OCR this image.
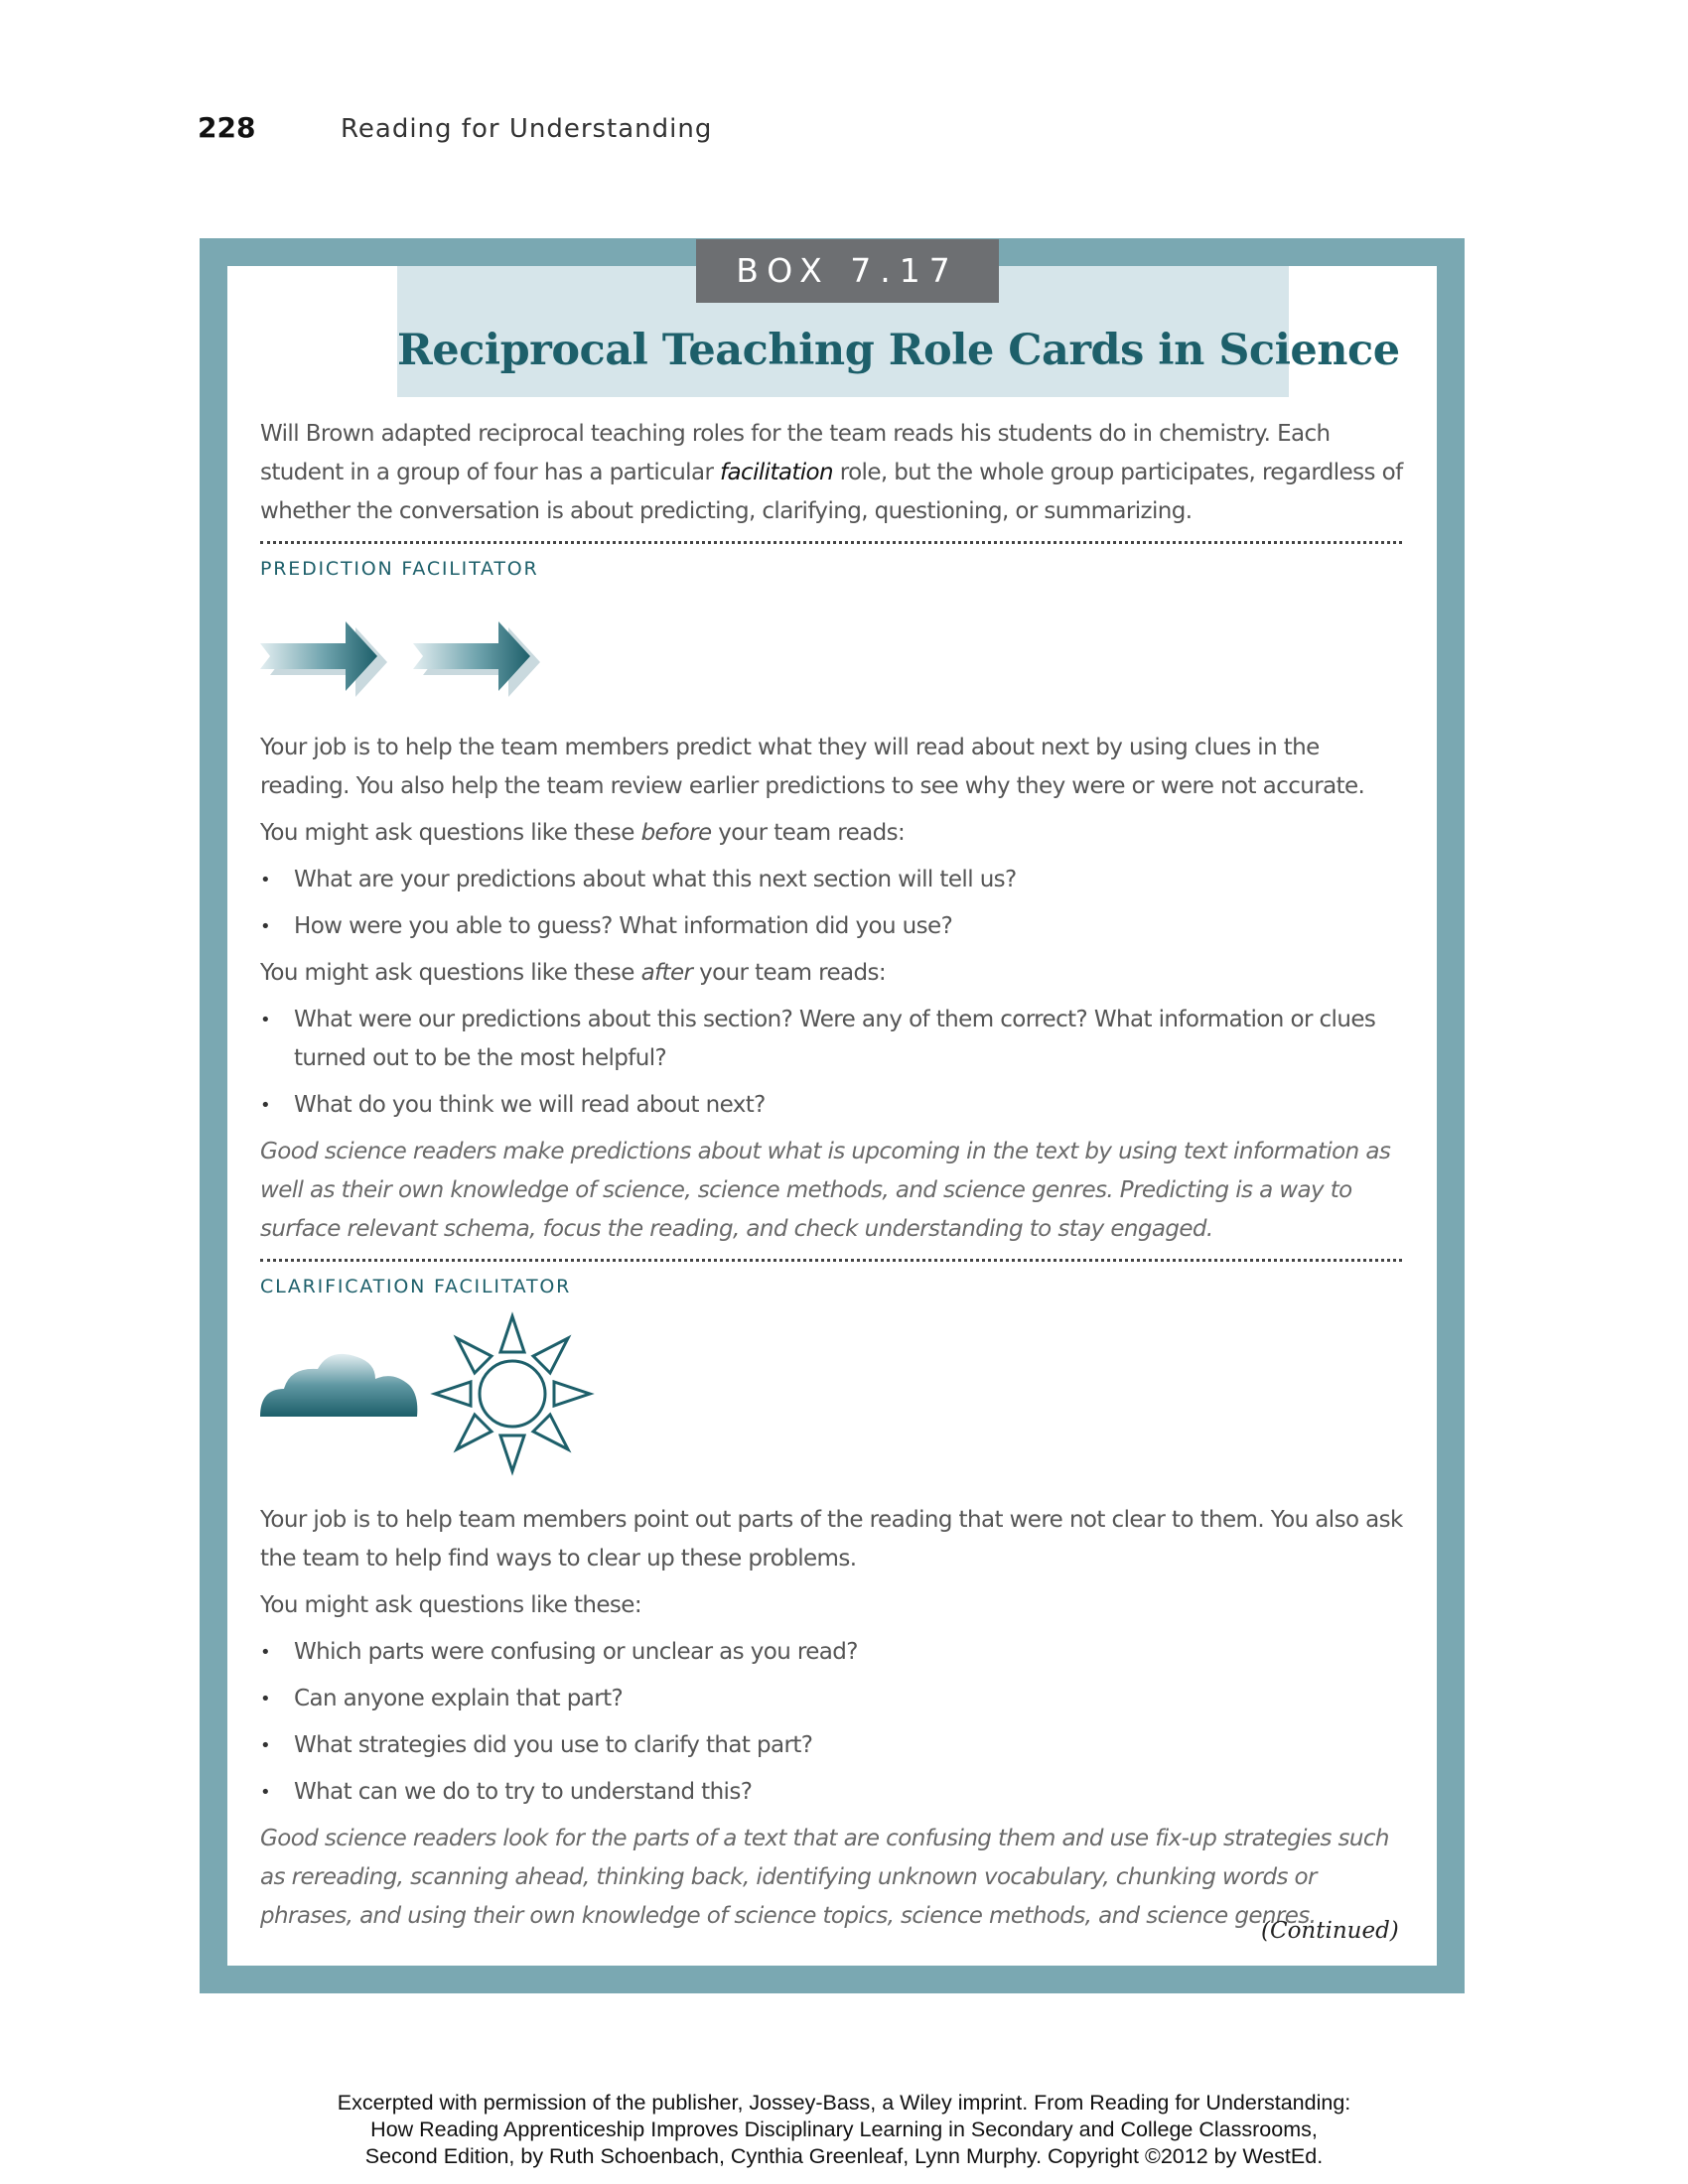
228	Reading for Understanding
BOX 7.17
Reciprocal Teaching Role Cards in Science

Will Brown adapted reciprocal teaching roles for the team reads his students do in chemistry. Each student in a group of four has a particular facilitation role, but the whole group participates, regardless of whether the conversation is about predicting, clarifying, questioning, or summarizing.

PREDICTION FACILITATOR

Your job is to help the team members predict what they will read about next by using clues in the reading. You also help the team review earlier predictions to see why they were or were not accurate.

You might ask questions like these before your team reads:

• What are your predictions about what this next section will tell us?

• How were you able to guess? What information did you use?

You might ask questions like these after your team reads:

• What were our predictions about this section? Were any of them correct? What information or clues turned out to be the most helpful?

• What do you think we will read about next?

Good science readers make predictions about what is upcoming in the text by using text information as well as their own knowledge of science, science methods, and science genres. Predicting is a way to surface relevant schema, focus the reading, and check understanding to stay engaged.

CLARIFICATION FACILITATOR

Your job is to help team members point out parts of the reading that were not clear to them. You also ask the team to help find ways to clear up these problems.

You might ask questions like these:

• Which parts were confusing or unclear as you read?

• Can anyone explain that part?

• What strategies did you use to clarify that part?

• What can we do to try to understand this?

Good science readers look for the parts of a text that are confusing them and use fix-up strategies such as rereading, scanning ahead, thinking back, identifying unknown vocabulary, chunking words or phrases, and using their own knowledge of science topics, science methods, and science genres.

(Continued)
Excerpted with permission of the publisher, Jossey-Bass, a Wiley imprint. From Reading for Understanding:
How Reading Apprenticeship Improves Disciplinary Learning in Secondary and College Classrooms,
Second Edition, by Ruth Schoenbach, Cynthia Greenleaf, Lynn Murphy. Copyright ©2012 by WestEd.
